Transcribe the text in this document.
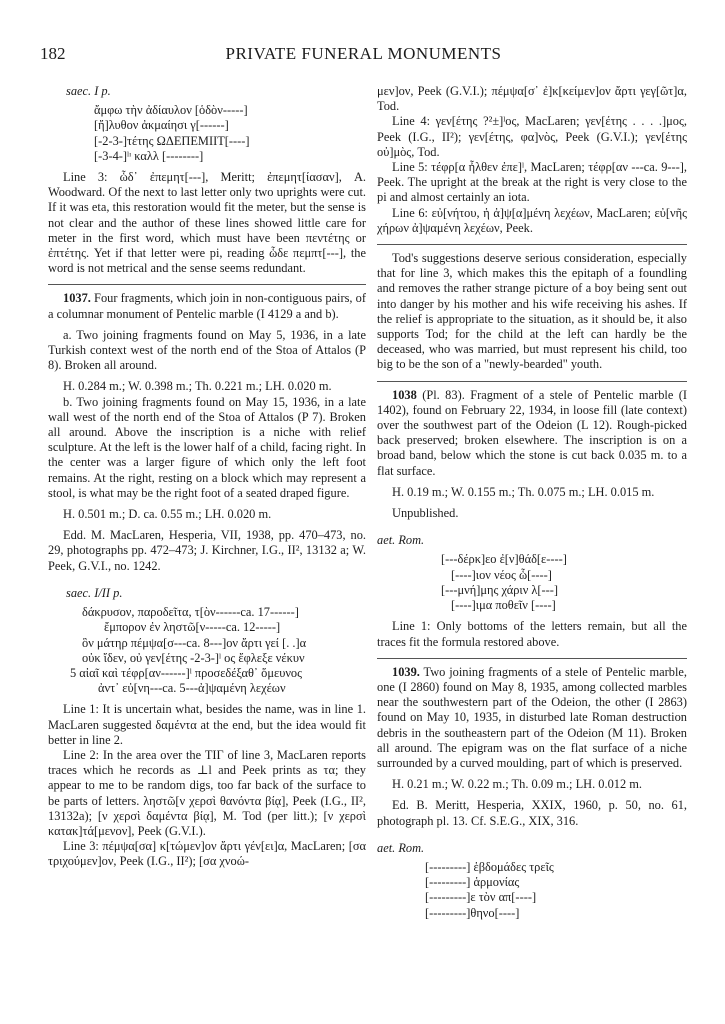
182	PRIVATE FUNERAL MONUMENTS

saec. I p.

ἄμφω τὴν ἀδίαυλον [ὁδὸν-----]
[ἤ]λυθον ἀκμαίησι γ[------]
[-2-3-]τέτης ΩΔΕΠΕΜΙΙΤ[----]
[-3-4-]ˡᶦ καλλ [--------]

Line 3: ὧδ᾽ ἐπεμητ[---], Meritt; ἐπεμητ[ίασαν], A. Woodward. Of the next to last letter only two uprights were cut. If it was eta, this restoration would fit the meter, but the sense is not clear and the author of these lines showed little care for meter in the first word, which must have been πεντέτης or ἐπτέτης. Yet if that letter were pi, reading ὧδε πεμπτ[---], the word is not metrical and the sense seems redundant.

1037. Four fragments, which join in non-contiguous pairs, of a columnar monument of Pentelic marble (I 4129 a and b).

a. Two joining fragments found on May 5, 1936, in a late Turkish context west of the north end of the Stoa of Attalos (P 8). Broken all around.

H. 0.284 m.; W. 0.398 m.; Th. 0.221 m.; LH. 0.020 m.

b. Two joining fragments found on May 15, 1936, in a late wall west of the north end of the Stoa of Attalos (P 7). Broken all around. Above the inscription is a niche with relief sculpture. At the left is the lower half of a child, facing right. In the center was a larger figure of which only the left foot remains. At the right, resting on a block which may represent a stool, is what may be the right foot of a seated draped figure.

H. 0.501 m.; D. ca. 0.55 m.; LH. 0.020 m.

Edd. M. MacLaren, Hesperia, VII, 1938, pp. 470–473, no. 29, photographs pp. 472–473; J. Kirchner, I.G., II², 13132 a; W. Peek, G.V.I., no. 1242.

saec. I/II p.

δάκρυσον, παροδεῖτα, τ[ὸν------ca. 17------]
ἔμπορον ἐν ληστῶ[ν-----ca. 12-----]
ὃν μάτηρ πέμψα[σ---ca. 8---]ον ἄρτι γεί [. .]α
οὐκ ἴδεν, οὐ γεν[έτης -2-3-]ˡ ος ἔφλεξε νέκυν
5 αἰαῖ καὶ τέφρ[αν------]ˡ προσεδέξαθ᾽ ὅμευνος
ἀντ᾽ εὐ[νη---ca. 5---ἀ]ψαμένη λεχέων

Line 1: It is uncertain what, besides the name, was in line 1. MacLaren suggested δαμέντα at the end, but the idea would fit better in line 2.

Line 2: In the area over the ΤΙΓ of line 3, MacLaren reports traces which he records as ⊥l and Peek prints as τα; they appear to me to be random digs, too far back of the surface to be parts of letters. ληστῶ[ν χερσὶ θανόντα βίᾳ], Peek (I.G., II², 13132a); [ν χερσὶ δαμέντα βίᾳ], M. Tod (per litt.); [ν χερσὶ κατακ]τά[μενον], Peek (G.V.I.).

Line 3: πέμψα[σα] κ[τώμεν]ον ἄρτι γέν[ει]α, MacLaren; [σα τριχούμεν]ον, Peek (I.G., II²); [σα χνοώ-

μεν]ον, Peek (G.V.I.); πέμψα[σ᾽ ἐ]κ[κείμεν]ον ἄρτι γεγ[ῶτ]α, Tod.

Line 4: γεν[έτης ?²±]ˡος, MacLaren; γεν[έτης . . . .]μος, Peek (I.G., II²); γεν[έτης, φα]νὸς, Peek (G.V.I.); γεν[έτης οὐ]μὸς, Tod.

Line 5: τέφρ[α ἦλθεν ἐπε]ˡ, MacLaren; τέφρ[αν ---ca. 9---], Peek. The upright at the break at the right is very close to the pi and almost certainly an iota.

Line 6: εὐ[νήτου, ἡ ἀ]ψ[α]μένη λεχέων, MacLaren; εὐ[νῆς χήρων ἀ]ψαμένη λεχέων, Peek.

Tod's suggestions deserve serious consideration, especially that for line 3, which makes this the epitaph of a foundling and removes the rather strange picture of a boy being sent out into danger by his mother and his wife receiving his ashes. If the relief is appropriate to the situation, as it should be, it also supports Tod; for the child at the left can hardly be the deceased, who was married, but must represent his child, too big to be the son of a "newly-bearded" youth.

1038 (Pl. 83). Fragment of a stele of Pentelic marble (I 1402), found on February 22, 1934, in loose fill (late context) over the southwest part of the Odeion (L 12). Rough-picked back preserved; broken elsewhere. The inscription is on a broad band, below which the stone is cut back 0.035 m. to a flat surface.

H. 0.19 m.; W. 0.155 m.; Th. 0.075 m.; LH. 0.015 m.

Unpublished.

aet. Rom.

[---δέρκ]εο ἐ[ν]θάδ[ε----]
[----]ιον νέος ὧ[----]
[---μνή]μης χάριν λ[---]
[----]ιμα ποθεῖν [----]

Line 1: Only bottoms of the letters remain, but all the traces fit the formula restored above.

1039. Two joining fragments of a stele of Pentelic marble, one (I 2860) found on May 8, 1935, among collected marbles near the southwestern part of the Odeion, the other (I 2863) found on May 10, 1935, in disturbed late Roman destruction debris in the southeastern part of the Odeion (M 11). Broken all around. The epigram was on the flat surface of a niche surrounded by a curved moulding, part of which is preserved.

H. 0.21 m.; W. 0.22 m.; Th. 0.09 m.; LH. 0.012 m.

Ed. B. Meritt, Hesperia, XXIX, 1960, p. 50, no. 61, photograph pl. 13. Cf. S.E.G., XIX, 316.

aet. Rom.

[---------] ἑβδομάδες τρεῖς
[---------] ἁρμονίας
[---------]ε τὸν απ[----]
[---------]θηνο[----]
